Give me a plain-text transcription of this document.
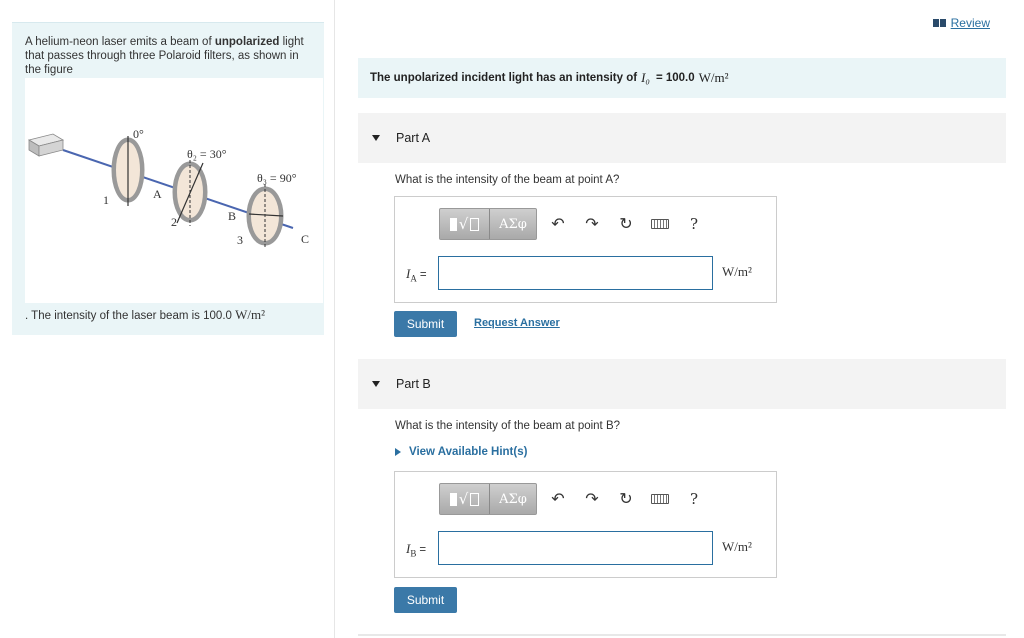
A helium-neon laser emits a beam of unpolarized light that passes through three Polaroid filters, as shown in the figure
0°
θ₂ = 30°
θ₃ = 90°
A
B
C
1
2
3
. The intensity of the laser beam is 100.0 W/m²
Review
The unpolarized incident light has an intensity of I₀ = 100.0 W/m²
Part A
What is the intensity of the beam at point A?
√	ΑΣφ	↶	↷	↻	?
$I_A$ =	W/m²
Submit	Request Answer
Part B
What is the intensity of the beam at point B?
View Available Hint(s)
√	ΑΣφ	↶	↷	↻	?
$I_B$ =	W/m²
Submit
